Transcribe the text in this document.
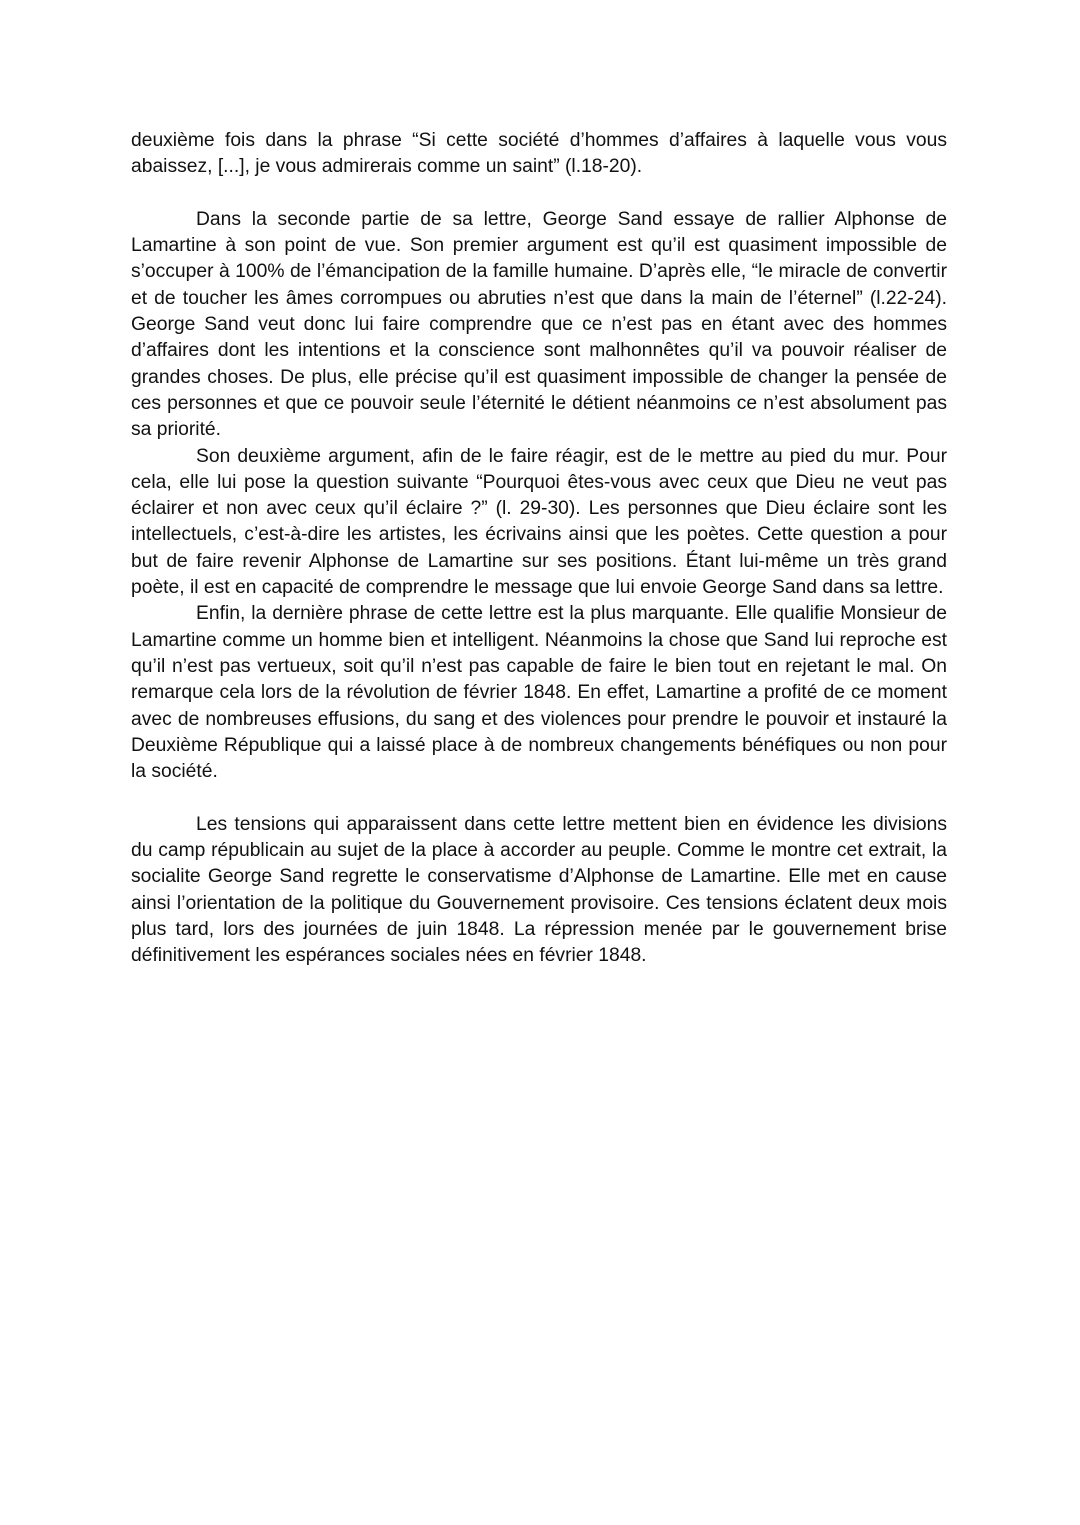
deuxième fois dans la phrase “Si cette société d’hommes d’affaires à laquelle vous vous abaissez, [...], je vous admirerais comme un saint” (l.18-20).

Dans la seconde partie de sa lettre, George Sand essaye de rallier Alphonse de Lamartine à son point de vue. Son premier argument est qu’il est quasiment impossible de s’occuper à 100% de l’émancipation de la famille humaine. D’après elle, “le miracle de convertir et de toucher les âmes corrompues ou abruties n’est que dans la main de l’éternel” (l.22-24). George Sand veut donc lui faire comprendre que ce n’est pas en étant avec des hommes d’affaires dont les intentions et la conscience sont malhonnêtes qu’il va pouvoir réaliser de grandes choses. De plus, elle précise qu’il est quasiment impossible de changer la pensée de ces personnes et que ce pouvoir seule l’éternité le détient néanmoins ce n’est absolument pas sa priorité.

Son deuxième argument, afin de le faire réagir, est de le mettre au pied du mur. Pour cela, elle lui pose la question suivante “Pourquoi êtes-vous avec ceux que Dieu ne veut pas éclairer et non avec ceux qu’il éclaire ?” (l. 29-30). Les personnes que Dieu éclaire sont les intellectuels, c’est-à-dire les artistes, les écrivains ainsi que les poètes. Cette question a pour but de faire revenir Alphonse de Lamartine sur ses positions. Étant lui-même un très grand poète, il est en capacité de comprendre le message que lui envoie George Sand dans sa lettre.

Enfin, la dernière phrase de cette lettre est la plus marquante. Elle qualifie Monsieur de Lamartine comme un homme bien et intelligent. Néanmoins la chose que Sand lui reproche est qu’il n’est pas vertueux, soit qu’il n’est pas capable de faire le bien tout en rejetant le mal. On remarque cela lors de la révolution de février 1848. En effet, Lamartine a profité de ce moment avec de nombreuses effusions, du sang et des violences pour prendre le pouvoir et instauré la Deuxième République qui a laissé place à de nombreux changements bénéfiques ou non pour la société.

Les tensions qui apparaissent dans cette lettre mettent bien en évidence les divisions du camp républicain au sujet de la place à accorder au peuple. Comme le montre cet extrait, la socialite George Sand regrette le conservatisme d’Alphonse de Lamartine. Elle met en cause ainsi l’orientation de la politique du Gouvernement provisoire. Ces tensions éclatent deux mois plus tard, lors des journées de juin 1848. La répression menée par le gouvernement brise définitivement les espérances sociales nées en février 1848.
